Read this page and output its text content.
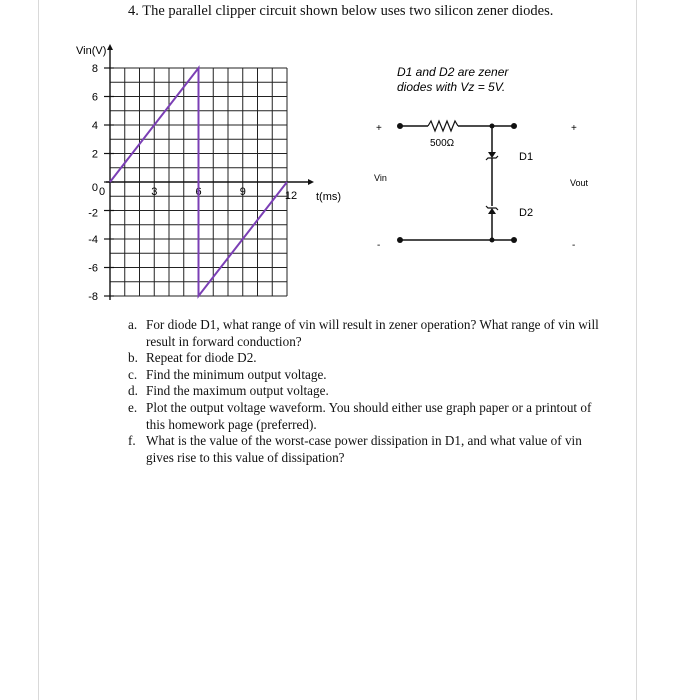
4. The parallel clipper circuit shown below uses two silicon zener diodes.
8
6
4
2
0
-2
-4
-6
-8
0	3	6	9	12
Vin(V)
t(ms)
D1 and D2 are zener
diodes with Vz = 5V.
500Ω
D1
D2
+	+
-	-
Vin	Vout
a. For diode D1, what range of vin will result in zener operation? What range of vin will result in forward conduction?
b. Repeat for diode D2.
c. Find the minimum output voltage.
d. Find the maximum output voltage.
e. Plot the output voltage waveform. You should either use graph paper or a printout of this homework page (preferred).
f. What is the value of the worst-case power dissipation in D1, and what value of vin gives rise to this value of dissipation?
